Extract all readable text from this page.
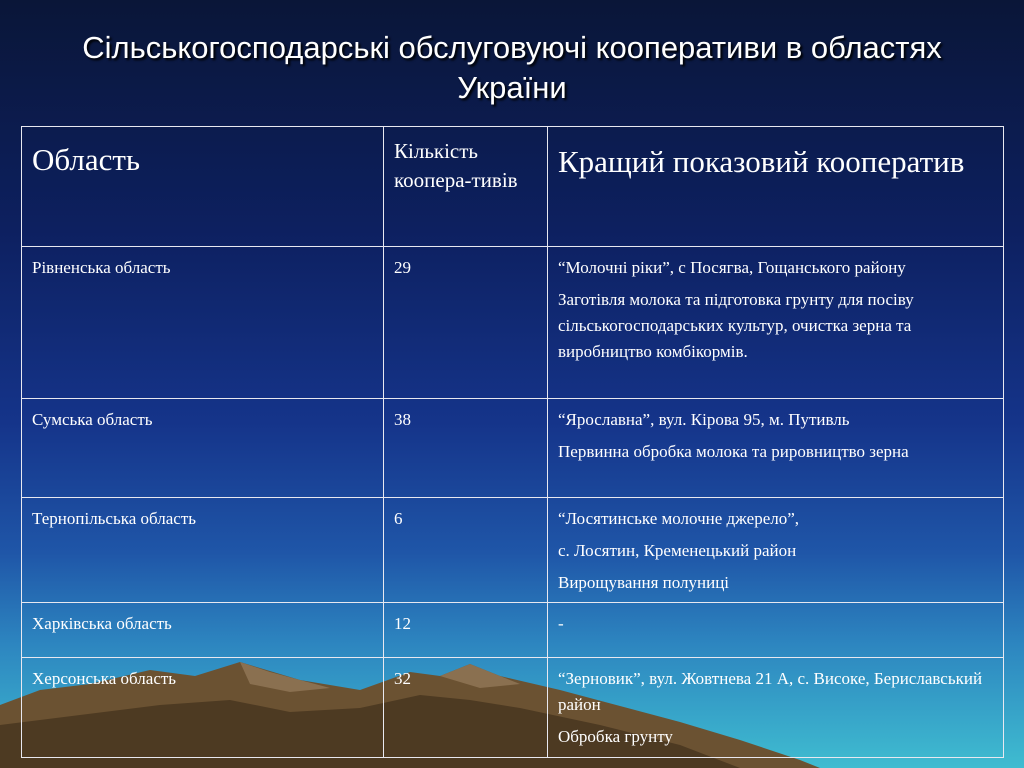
Сільськогосподарські обслуговуючі кооперативи в областях України
Область	Кількість коопера-тивів	Кращий показовий кооператив
Рівненська область	29	“Молочні ріки”, с Посягва, Гощанського району

Заготівля молока та підготовка грунту для посіву сільськогосподарських культур, очистка зерна та виробництво комбікормів.

Сумська область	38	“Ярославна”, вул. Кірова 95, м. Путивль

Первинна обробка молока та рировництво зерна

Тернопільська область	6	“Лосятинське молочне джерело”,

с. Лосятин, Кременецький район

Вирощування полуниці

Харківська область	12	-

Херсонська область	32	“Зерновик”, вул. Жовтнева 21 А, с. Високе, Бериславський район

Обробка грунту
